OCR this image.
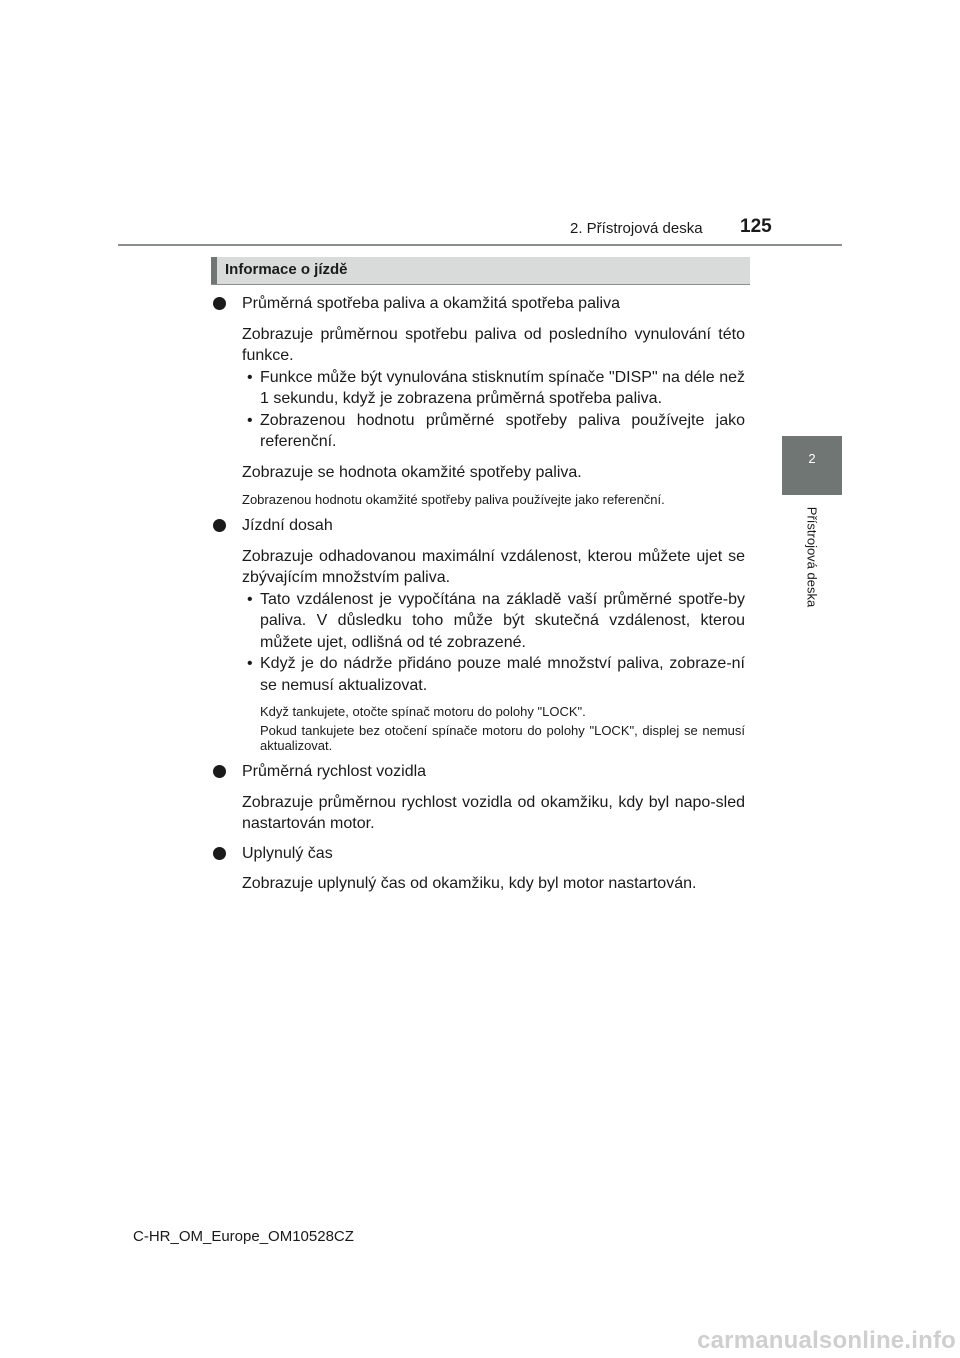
2. Přístrojová deska 125
2
Přístrojová deska
Informace o jízdě
Průměrná spotřeba paliva a okamžitá spotřeba paliva
Zobrazuje průměrnou spotřebu paliva od posledního vynulování této funkce.
• Funkce může být vynulována stisknutím spínače "DISP" na déle než 1 sekundu, když je zobrazena průměrná spotřeba paliva.
• Zobrazenou hodnotu průměrné spotřeby paliva používejte jako referenční.
Zobrazuje se hodnota okamžité spotřeby paliva.
Zobrazenou hodnotu okamžité spotřeby paliva používejte jako referenční.
Jízdní dosah
Zobrazuje odhadovanou maximální vzdálenost, kterou můžete ujet se zbývajícím množstvím paliva.
• Tato vzdálenost je vypočítána na základě vaší průměrné spotře-by paliva. V důsledku toho může být skutečná vzdálenost, kterou můžete ujet, odlišná od té zobrazené.
• Když je do nádrže přidáno pouze malé množství paliva, zobraze-ní se nemusí aktualizovat.
Když tankujete, otočte spínač motoru do polohy "LOCK".
Pokud tankujete bez otočení spínače motoru do polohy "LOCK", displej se nemusí aktualizovat.
Průměrná rychlost vozidla
Zobrazuje průměrnou rychlost vozidla od okamžiku, kdy byl napo-sled nastartován motor.
Uplynulý čas
Zobrazuje uplynulý čas od okamžiku, kdy byl motor nastartován.
C-HR_OM_Europe_OM10528CZ
carmanualsonline.info
